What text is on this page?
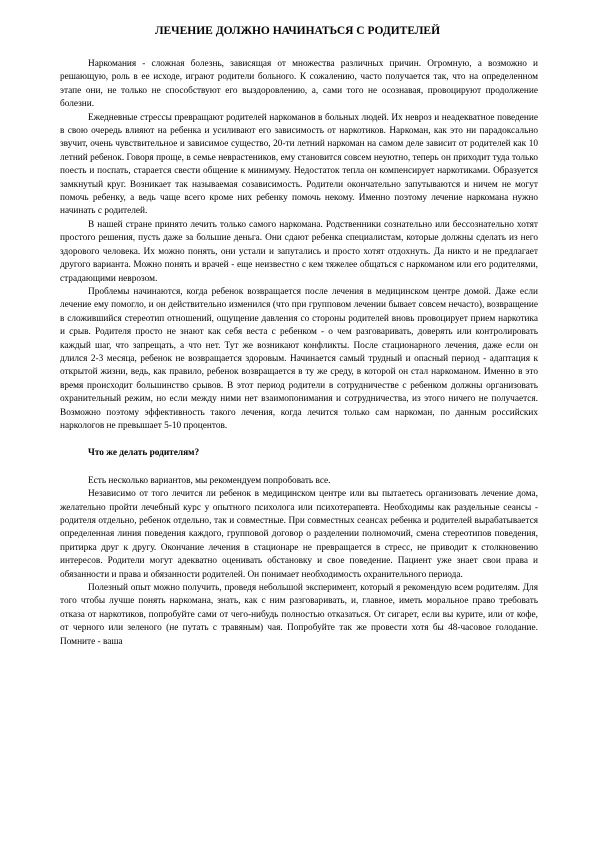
ЛЕЧЕНИЕ ДОЛЖНО НАЧИНАТЬСЯ С РОДИТЕЛЕЙ

Наркомания - сложная болезнь, зависящая от множества различных причин. Огромную, а возможно и решающую, роль в ее исходе, играют родители больного. К сожалению, часто получается так, что на определенном этапе они, не только не способствуют его выздоровлению, а, сами того не осознавая, провоцируют продолжение болезни.

Ежедневные стрессы превращают родителей наркоманов в больных людей. Их невроз и неадекватное поведение в свою очередь влияют на ребенка и усиливают его зависимость от наркотиков. Наркоман, как это ни парадоксально звучит, очень чувствительное и зависимое существо, 20-ти летний наркоман на самом деле зависит от родителей как 10 летний ребенок. Говоря проще, в семье неврастеников, ему становится совсем неуютно, теперь он приходит туда только поесть и поспать, старается свести общение к минимуму. Недостаток тепла он компенсирует наркотиками. Образуется замкнутый круг. Возникает так называемая созависимость. Родители окончательно запутываются и ничем не могут помочь ребенку, а ведь чаще всего кроме них ребенку помочь некому. Именно поэтому лечение наркомана нужно начинать с родителей.

В нашей стране принято лечить только самого наркомана. Родственники сознательно или бессознательно хотят простого решения, пусть даже за большие деньга. Они сдают ребенка специалистам, которые должны сделать из него здорового человека. Их можно понять, они устали и запутались и просто хотят отдохнуть. Да никто и не предлагает другого варианта. Можно понять и врачей - еще неизвестно с кем тяжелее общаться с наркоманом или его родителями, страдающими неврозом.

Проблемы начинаются, когда ребенок возвращается после лечения в медицинском центре домой. Даже если лечение ему помогло, и он действительно изменился (что при групповом лечении бывает совсем нечасто), возвращение в сложившийся стереотип отношений, ощущение давления со стороны родителей вновь провоцирует прием наркотика и срыв. Родителя просто не знают как себя веста с ребенком - о чем разговаривать, доверять или контролировать каждый шаг, что запрещать, а что нет. Тут же возникают конфликты. После стационарного лечения, даже если он длился 2-3 месяца, ребенок не возвращается здоровым. Начинается самый трудный и опасный период - адаптация к открытой жизни, ведь, как правило, ребенок возвращается в ту же среду, в которой он стал наркоманом. Именно в это время происходит большинство срывов. В этот период родители в сотрудничестве с ребенком должны организовать охранительный режим, но если между ними нет взаимопонимания и сотрудничества, из этого ничего не получается. Возможно поэтому эффективность такого лечения, когда лечится только сам наркоман, по данным российских наркологов не превышает 5-10 процентов.

Что же делать родителям?

Есть несколько вариантов, мы рекомендуем попробовать все.

Независимо от того лечится ли ребенок в медицинском центре или вы пытаетесь организовать лечение дома, желательно пройти лечебный курс у опытного психолога или психотерапевта. Необходимы как раздельные сеансы - родителя отдельно, ребенок отдельно, так и совместные. При совместных сеансах ребенка и родителей вырабатывается определенная линия поведения каждого, групповой договор о разделении полномочий, смена стереотипов поведения, притирка друг к другу. Окончание лечения в стационаре не превращается в стресс, не приводит к столкновению интересов. Родители могут адекватно оценивать обстановку и свое поведение. Пациент уже знает свои права и обязанности и права и обязанности родителей. Он понимает необходимость охранительного периода.

Полезный опыт можно получить, проведя небольшой эксперимент, который я рекомендую всем родителям. Для того чтобы лучше понять наркомана, знать, как с ним разговаривать, и, главное, иметь моральное право требовать отказа от наркотиков, попробуйте сами от чего-нибудь полностью отказаться. От сигарет, если вы курите, или от кофе, от черного или зеленого (не путать с травяным) чая. Попробуйте так же провести хотя бы 48-часовое голодание. Помните - ваша
